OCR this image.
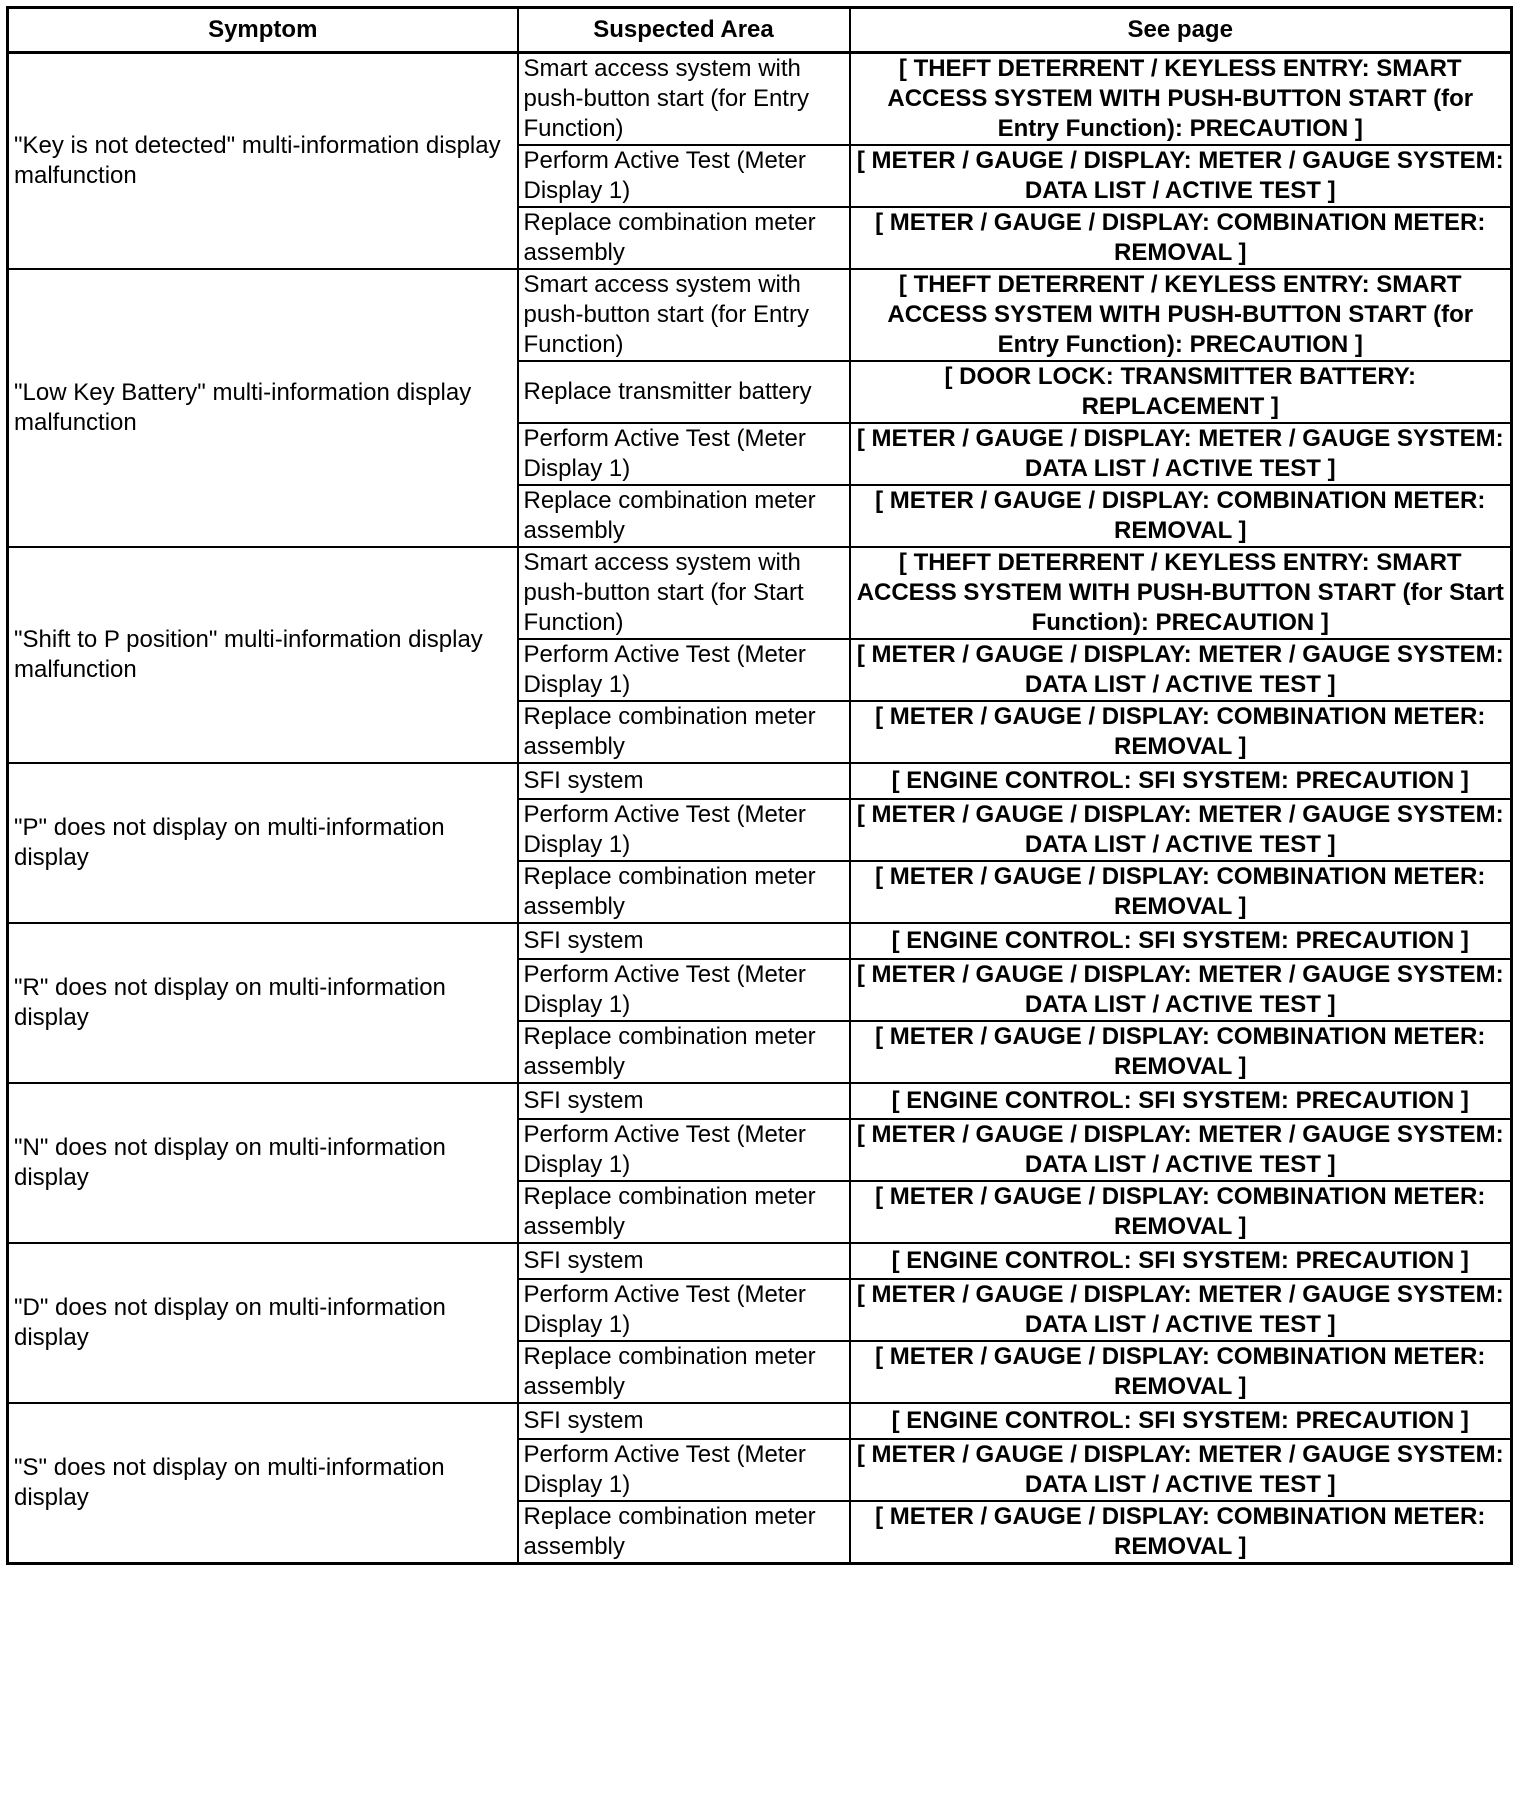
Symptom	Suspected Area	See page
"Key is not detected" multi-information display malfunction	Smart access system with push-button start (for Entry Function)	[ THEFT DETERRENT / KEYLESS ENTRY: SMART ACCESS SYSTEM WITH PUSH-BUTTON START (for Entry Function): PRECAUTION ]
	Perform Active Test (Meter Display 1)	[ METER / GAUGE / DISPLAY: METER / GAUGE SYSTEM: DATA LIST / ACTIVE TEST ]
	Replace combination meter assembly	[ METER / GAUGE / DISPLAY: COMBINATION METER: REMOVAL ]
"Low Key Battery" multi-information display malfunction	Smart access system with push-button start (for Entry Function)	[ THEFT DETERRENT / KEYLESS ENTRY: SMART ACCESS SYSTEM WITH PUSH-BUTTON START (for Entry Function): PRECAUTION ]
	Replace transmitter battery	[ DOOR LOCK: TRANSMITTER BATTERY: REPLACEMENT ]
	Perform Active Test (Meter Display 1)	[ METER / GAUGE / DISPLAY: METER / GAUGE SYSTEM: DATA LIST / ACTIVE TEST ]
	Replace combination meter assembly	[ METER / GAUGE / DISPLAY: COMBINATION METER: REMOVAL ]
"Shift to P position" multi-information display malfunction	Smart access system with push-button start (for Start Function)	[ THEFT DETERRENT / KEYLESS ENTRY: SMART ACCESS SYSTEM WITH PUSH-BUTTON START (for Start Function): PRECAUTION ]
	Perform Active Test (Meter Display 1)	[ METER / GAUGE / DISPLAY: METER / GAUGE SYSTEM: DATA LIST / ACTIVE TEST ]
	Replace combination meter assembly	[ METER / GAUGE / DISPLAY: COMBINATION METER: REMOVAL ]
"P" does not display on multi-information display	SFI system	[ ENGINE CONTROL: SFI SYSTEM: PRECAUTION ]
	Perform Active Test (Meter Display 1)	[ METER / GAUGE / DISPLAY: METER / GAUGE SYSTEM: DATA LIST / ACTIVE TEST ]
	Replace combination meter assembly	[ METER / GAUGE / DISPLAY: COMBINATION METER: REMOVAL ]
"R" does not display on multi-information display	SFI system	[ ENGINE CONTROL: SFI SYSTEM: PRECAUTION ]
	Perform Active Test (Meter Display 1)	[ METER / GAUGE / DISPLAY: METER / GAUGE SYSTEM: DATA LIST / ACTIVE TEST ]
	Replace combination meter assembly	[ METER / GAUGE / DISPLAY: COMBINATION METER: REMOVAL ]
"N" does not display on multi-information display	SFI system	[ ENGINE CONTROL: SFI SYSTEM: PRECAUTION ]
	Perform Active Test (Meter Display 1)	[ METER / GAUGE / DISPLAY: METER / GAUGE SYSTEM: DATA LIST / ACTIVE TEST ]
	Replace combination meter assembly	[ METER / GAUGE / DISPLAY: COMBINATION METER: REMOVAL ]
"D" does not display on multi-information display	SFI system	[ ENGINE CONTROL: SFI SYSTEM: PRECAUTION ]
	Perform Active Test (Meter Display 1)	[ METER / GAUGE / DISPLAY: METER / GAUGE SYSTEM: DATA LIST / ACTIVE TEST ]
	Replace combination meter assembly	[ METER / GAUGE / DISPLAY: COMBINATION METER: REMOVAL ]
"S" does not display on multi-information display	SFI system	[ ENGINE CONTROL: SFI SYSTEM: PRECAUTION ]
	Perform Active Test (Meter Display 1)	[ METER / GAUGE / DISPLAY: METER / GAUGE SYSTEM: DATA LIST / ACTIVE TEST ]
	Replace combination meter assembly	[ METER / GAUGE / DISPLAY: COMBINATION METER: REMOVAL ]
